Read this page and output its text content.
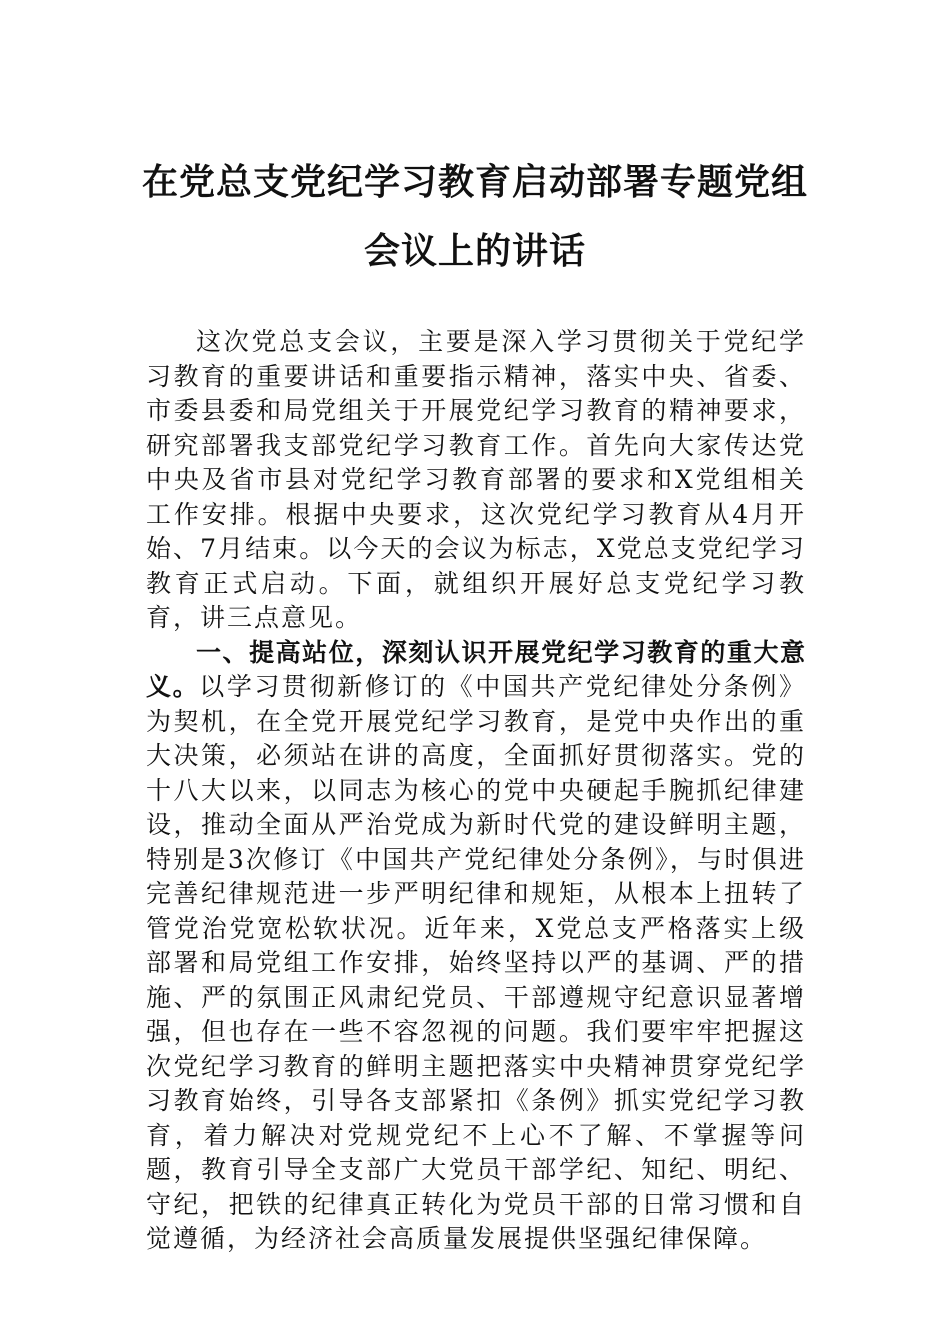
在党总支党纪学习教育启动部署专题党组
会议上的讲话

这次党总支会议，主要是深入学习贯彻关于党纪学习教育的重要讲话和重要指示精神，落实中央、省委、市委县委和局党组关于开展党纪学习教育的精神要求，研究部署我支部党纪学习教育工作。首先向大家传达党中央及省市县对党纪学习教育部署的要求和X党组相关工作安排。根据中央要求，这次党纪学习教育从4月开始、7月结束。以今天的会议为标志，X党总支党纪学习教育正式启动。下面，就组织开展好总支党纪学习教育，讲三点意见。

一、提高站位，深刻认识开展党纪学习教育的重大意义。以学习贯彻新修订的《中国共产党纪律处分条例》为契机，在全党开展党纪学习教育，是党中央作出的重大决策，必须站在讲的高度，全面抓好贯彻落实。党的十八大以来，以同志为核心的党中央硬起手腕抓纪律建设，推动全面从严治党成为新时代党的建设鲜明主题，特别是3次修订《中国共产党纪律处分条例》，与时俱进完善纪律规范进一步严明纪律和规矩，从根本上扭转了管党治党宽松软状况。近年来，X党总支严格落实上级部署和局党组工作安排，始终坚持以严的基调、严的措施、严的氛围正风肃纪党员、干部遵规守纪意识显著增强，但也存在一些不容忽视的问题。我们要牢牢把握这次党纪学习教育的鲜明主题把落实中央精神贯穿党纪学习教育始终，引导各支部紧扣《条例》抓实党纪学习教育，着力解决对党规党纪不上心不了解、不掌握等问题，教育引导全支部广大党员干部学纪、知纪、明纪、守纪，把铁的纪律真正转化为党员干部的日常习惯和自觉遵循，为经济社会高质量发展提供坚强纪律保障。
